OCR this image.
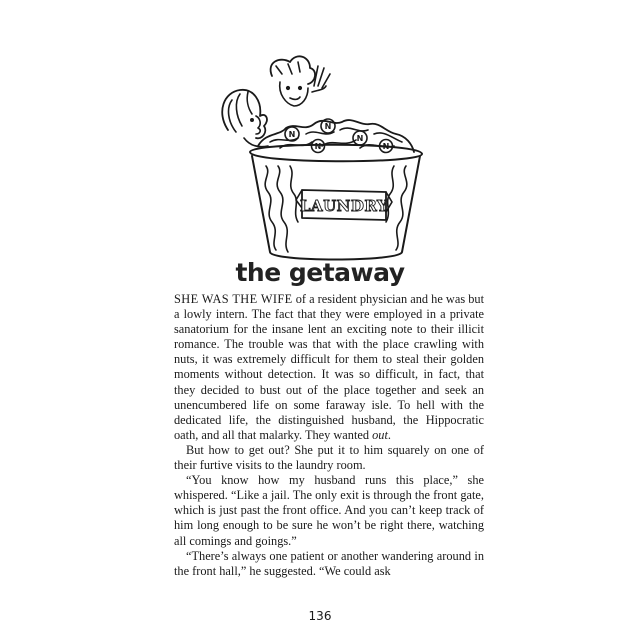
LAUNDRY
N
N
N
N
N
the getaway

SHE WAS THE WIFE of a resident physician and he was but a lowly intern. The fact that they were employed in a private sanatorium for the insane lent an exciting note to their illicit romance. The trouble was that with the place crawling with nuts, it was extremely difficult for them to steal their golden moments without detection. It was so difficult, in fact, that they decided to bust out of the place together and seek an unencumbered life on some faraway isle. To hell with the dedicated life, the distinguished husband, the Hippocratic oath, and all that malarky. They wanted out.

But how to get out? She put it to him squarely on one of their furtive visits to the laundry room.

“You know how my husband runs this place,” she whispered. “Like a jail. The only exit is through the front gate, which is just past the front office. And you can’t keep track of him long enough to be sure he won’t be right there, watching all comings and goings.”

“There’s always one patient or another wandering around in the front hall,” he suggested. “We could ask

136
